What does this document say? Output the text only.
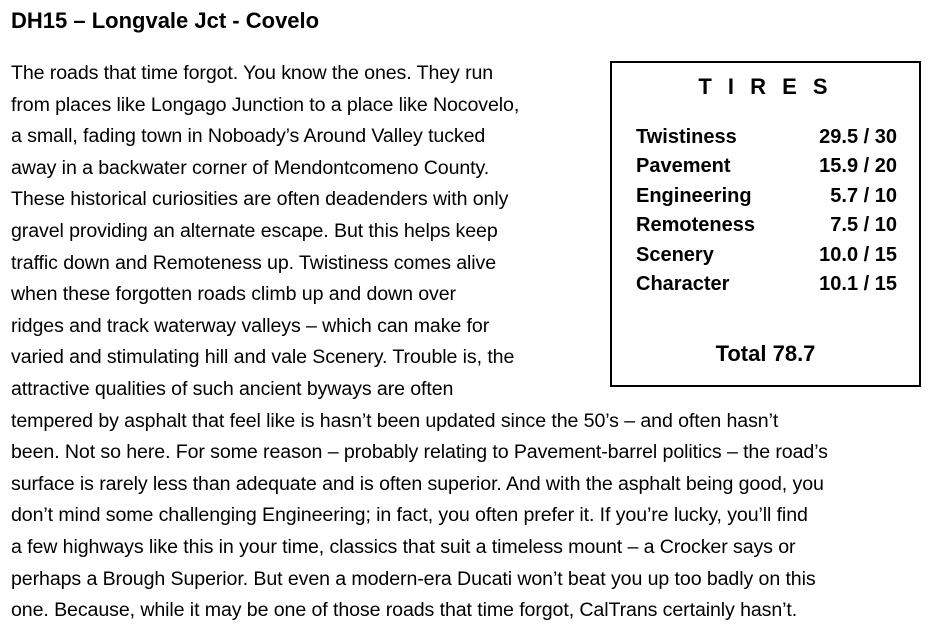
DH15 – Longvale Jct - Covelo
The roads that time forgot. You know the ones. They run
from places like Longago Junction to a place like Nocovelo,
a small, fading town in Noboady’s Around Valley tucked
away in a backwater corner of Mendontcomeno County.
These historical curiosities are often deadenders with only
gravel providing an alternate escape. But this helps keep
traffic down and Remoteness up. Twistiness comes alive
when these forgotten roads climb up and down over
ridges and track waterway valleys – which can make for
varied and stimulating hill and vale Scenery. Trouble is, the
attractive qualities of such ancient byways are often
tempered by asphalt that feel like is hasn’t been updated since the 50’s – and often hasn’t
been. Not so here. For some reason – probably relating to Pavement-barrel politics – the road’s
surface is rarely less than adequate and is often superior. And with the asphalt being good, you
don’t mind some challenging Engineering; in fact, you often prefer it. If you’re lucky, you’ll find
a few highways like this in your time, classics that suit a timeless mount – a Crocker says or
perhaps a Brough Superior. But even a modern-era Ducati won’t beat you up too badly on this
one. Because, while it may be one of those roads that time forgot, CalTrans certainly hasn’t.
T I R E S
Twistiness	29.5 / 30
Pavement	15.9 / 20
Engineering	5.7 / 10
Remoteness	7.5 / 10
Scenery	10.0 / 15
Character	10.1 / 15
Total 78.7
